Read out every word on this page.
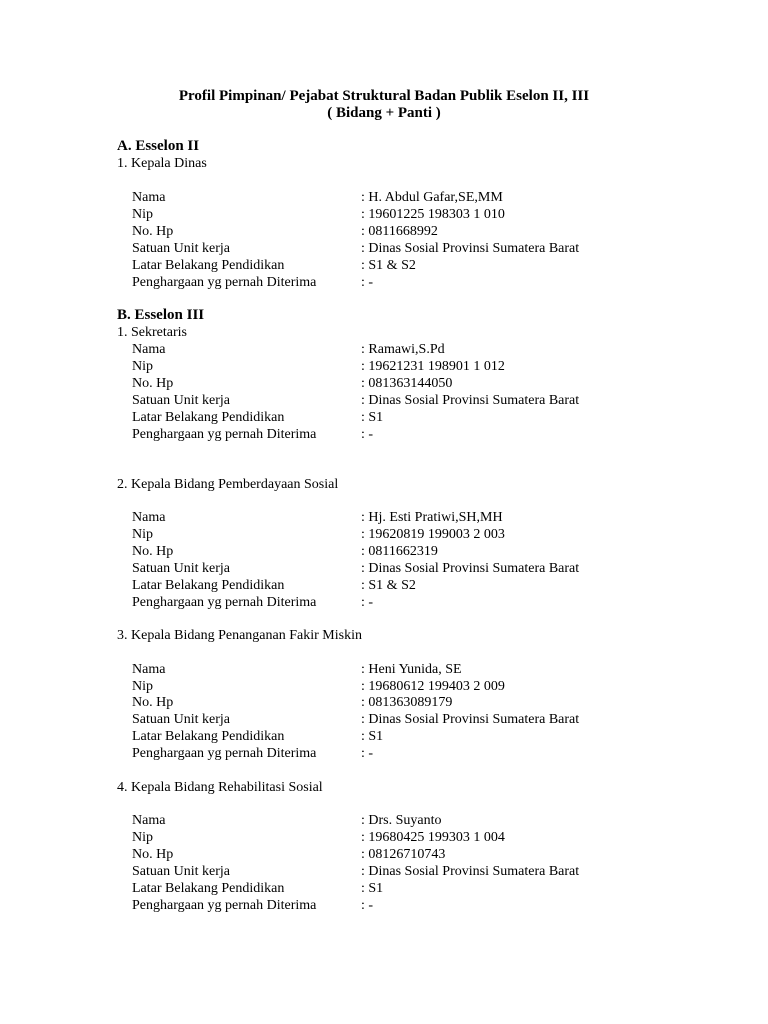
Profil Pimpinan/ Pejabat Struktural Badan Publik Eselon II, III
( Bidang + Panti )
A. Esselon II
1. Kepala Dinas
Nama	: H. Abdul Gafar,SE,MM
Nip	: 19601225 198303 1 010
No. Hp	: 0811668992
Satuan Unit kerja	: Dinas Sosial Provinsi Sumatera Barat
Latar Belakang Pendidikan	: S1 & S2
Penghargaan yg pernah Diterima	: -
B. Esselon III
1. Sekretaris
Nama	: Ramawi,S.Pd
Nip	: 19621231 198901 1 012
No. Hp	: 081363144050
Satuan Unit kerja	: Dinas Sosial Provinsi Sumatera Barat
Latar Belakang Pendidikan	: S1
Penghargaan yg pernah Diterima	: -
2. Kepala Bidang Pemberdayaan Sosial
Nama	: Hj. Esti Pratiwi,SH,MH
Nip	: 19620819 199003 2 003
No. Hp	: 0811662319
Satuan Unit kerja	: Dinas Sosial Provinsi Sumatera Barat
Latar Belakang Pendidikan	: S1 & S2
Penghargaan yg pernah Diterima	: -
3. Kepala Bidang Penanganan Fakir Miskin
Nama	: Heni Yunida, SE
Nip	: 19680612 199403 2 009
No. Hp	: 081363089179
Satuan Unit kerja	: Dinas Sosial Provinsi Sumatera Barat
Latar Belakang Pendidikan	: S1
Penghargaan yg pernah Diterima	: -
4. Kepala Bidang Rehabilitasi Sosial
Nama	: Drs. Suyanto
Nip	: 19680425 199303 1 004
No. Hp	: 08126710743
Satuan Unit kerja	: Dinas Sosial Provinsi Sumatera Barat
Latar Belakang Pendidikan	: S1
Penghargaan yg pernah Diterima	: -
